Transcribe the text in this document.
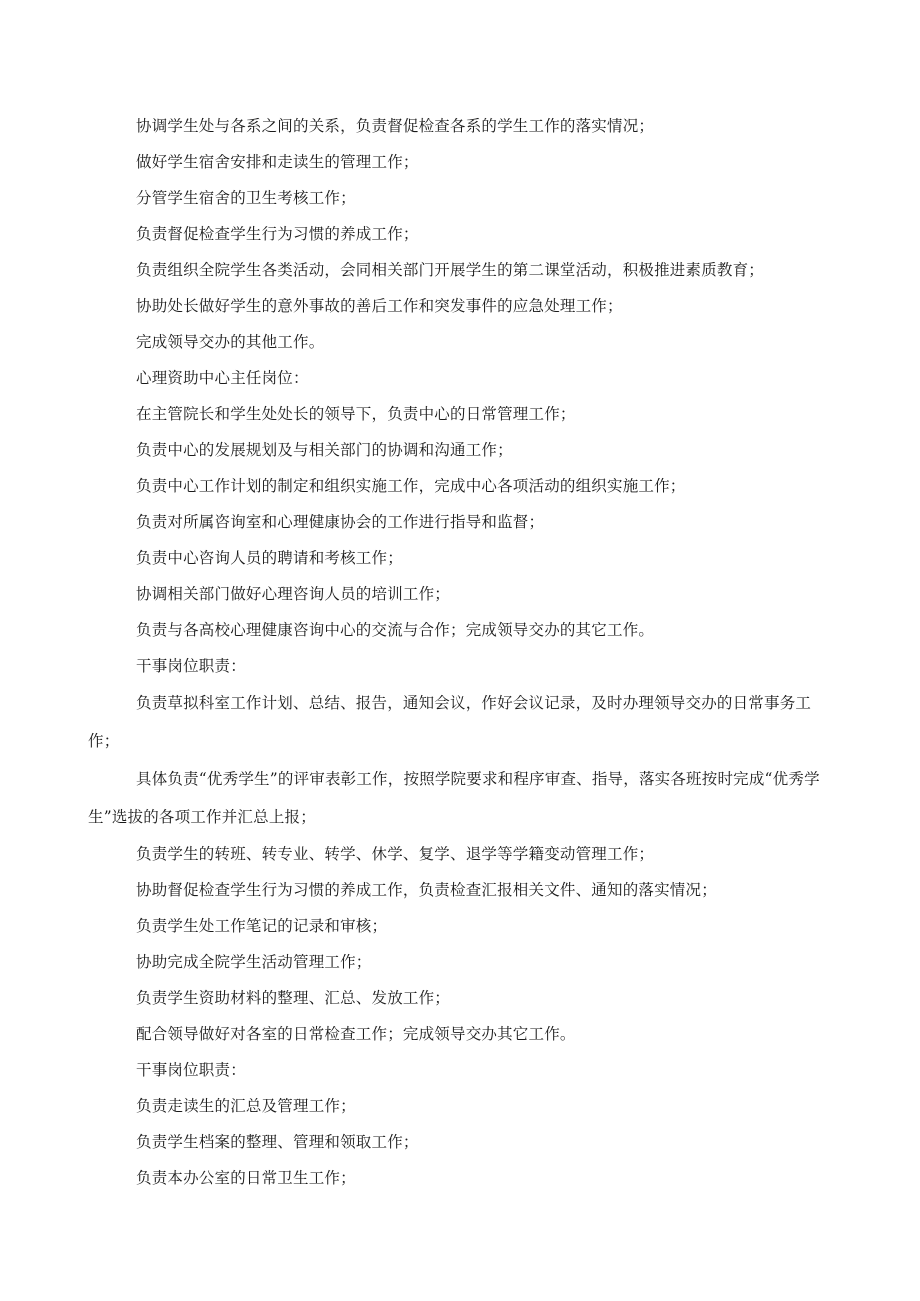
协调学生处与各系之间的关系，负责督促检查各系的学生工作的落实情况；

做好学生宿舍安排和走读生的管理工作；

分管学生宿舍的卫生考核工作；

负责督促检查学生行为习惯的养成工作；

负责组织全院学生各类活动，会同相关部门开展学生的第二课堂活动，积极推进素质教育；

协助处长做好学生的意外事故的善后工作和突发事件的应急处理工作；

完成领导交办的其他工作。

心理资助中心主任岗位：

在主管院长和学生处处长的领导下，负责中心的日常管理工作；

负责中心的发展规划及与相关部门的协调和沟通工作；

负责中心工作计划的制定和组织实施工作，完成中心各项活动的组织实施工作；

负责对所属咨询室和心理健康协会的工作进行指导和监督；

负责中心咨询人员的聘请和考核工作；

协调相关部门做好心理咨询人员的培训工作；

负责与各高校心理健康咨询中心的交流与合作；完成领导交办的其它工作。

干事岗位职责：

负责草拟科室工作计划、总结、报告，通知会议，作好会议记录，及时办理领导交办的日常事务工作；

具体负责“优秀学生”的评审表彰工作，按照学院要求和程序审查、指导，落实各班按时完成“优秀学生”选拔的各项工作并汇总上报；

负责学生的转班、转专业、转学、休学、复学、退学等学籍变动管理工作；

协助督促检查学生行为习惯的养成工作，负责检查汇报相关文件、通知的落实情况；

负责学生处工作笔记的记录和审核；

协助完成全院学生活动管理工作；

负责学生资助材料的整理、汇总、发放工作；

配合领导做好对各室的日常检查工作；完成领导交办其它工作。

干事岗位职责：

负责走读生的汇总及管理工作；

负责学生档案的整理、管理和领取工作；

负责本办公室的日常卫生工作；
